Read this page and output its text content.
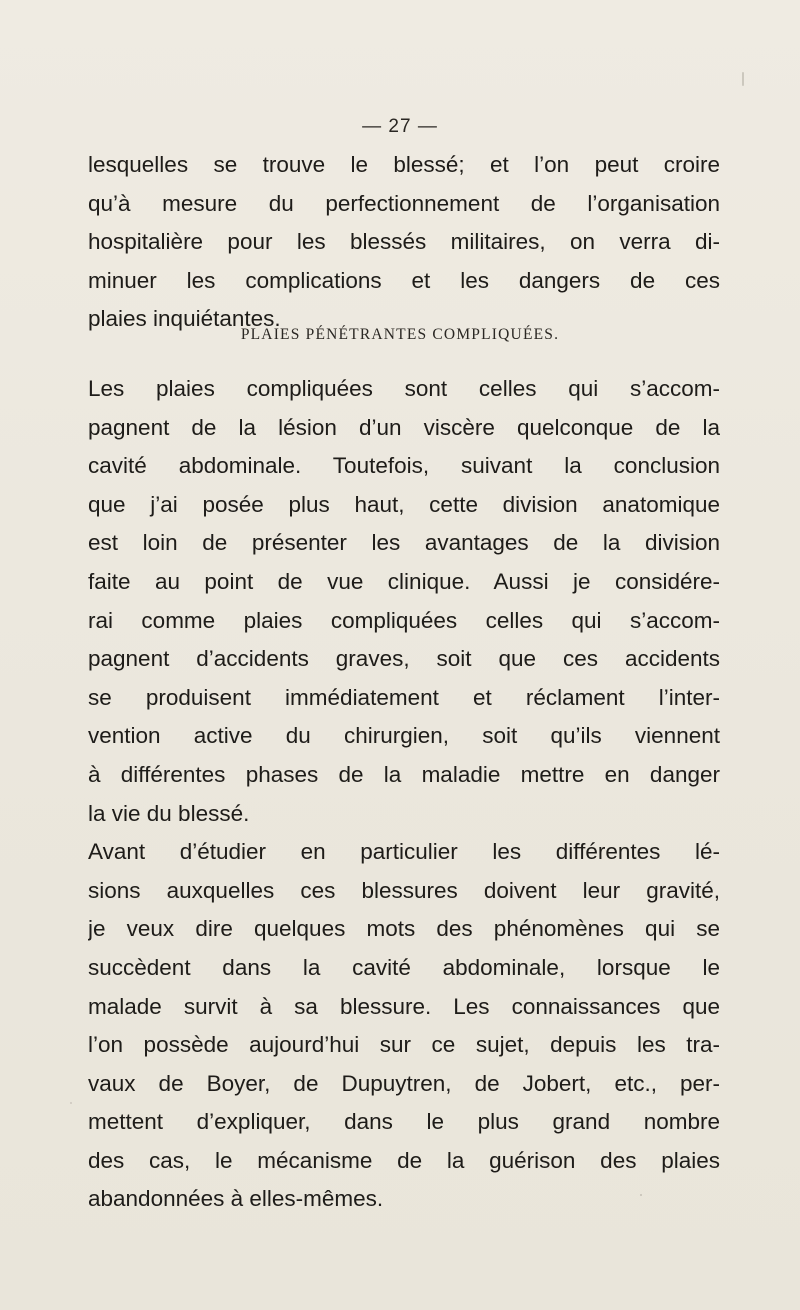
— 27 —
lesquelles se trouve le blessé; et l’on peut croire
qu’à mesure du perfectionnement de l’organisation
hospitalière pour les blessés militaires, on verra di-
minuer les complications et les dangers de ces
plaies inquiétantes.
PLAIES PÉNÉTRANTES COMPLIQUÉES.
Les plaies compliquées sont celles qui s’accom-
pagnent de la lésion d’un viscère quelconque de la
cavité abdominale. Toutefois, suivant la conclusion
que j’ai posée plus haut, cette division anatomique
est loin de présenter les avantages de la division
faite au point de vue clinique. Aussi je considére-
rai comme plaies compliquées celles qui s’accom-
pagnent d’accidents graves, soit que ces accidents
se produisent immédiatement et réclament l’inter-
vention active du chirurgien, soit qu’ils viennent
à différentes phases de la maladie mettre en danger
la vie du blessé.
Avant d’étudier en particulier les différentes lé-
sions auxquelles ces blessures doivent leur gravité,
je veux dire quelques mots des phénomènes qui se
succèdent dans la cavité abdominale, lorsque le
malade survit à sa blessure. Les connaissances que
l’on possède aujourd’hui sur ce sujet, depuis les tra-
vaux de Boyer, de Dupuytren, de Jobert, etc., per-
mettent d’expliquer, dans le plus grand nombre
des cas, le mécanisme de la guérison des plaies
abandonnées à elles-mêmes.
